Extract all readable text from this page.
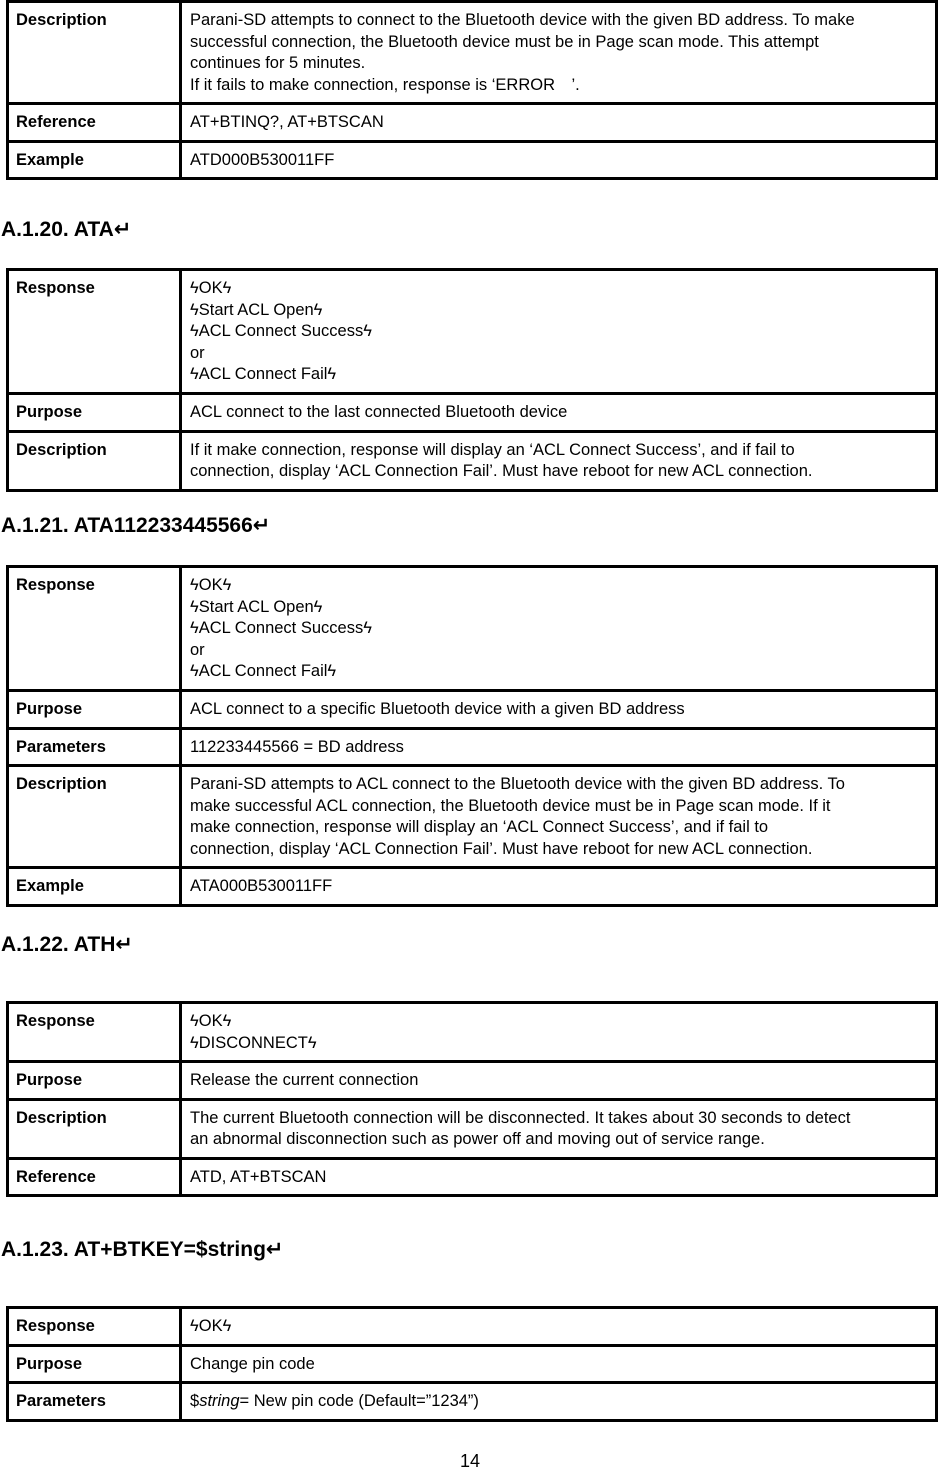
Description	Parani-SD attempts to connect to the Bluetooth device with the given BD address. To make
successful connection, the Bluetooth device must be in Page scan mode. This attempt
continues for 5 minutes.
If it fails to make connection, response is ‘ERROR　’.

Reference	AT+BTINQ?, AT+BTSCAN
Example	ATD000B530011FF
A.1.20. ATA ↵
Response	ϟOKϟ
ϟStart ACL Openϟ
ϟACL Connect Successϟ
or
ϟACL Connect Failϟ

Purpose	ACL connect to the last connected Bluetooth device
Description	If it make connection, response will display an ‘ACL Connect Success’, and if fail to
connection, display ‘ACL Connection Fail’. Must have reboot for new ACL connection.
A.1.21. ATA112233445566 ↵
Response	ϟOKϟ
ϟStart ACL Openϟ
ϟACL Connect Successϟ
or
ϟACL Connect Failϟ

Purpose	ACL connect to a specific Bluetooth device with a given BD address
Parameters	112233445566 = BD address
Description	Parani-SD attempts to ACL connect to the Bluetooth device with the given BD address. To
make successful ACL connection, the Bluetooth device must be in Page scan mode. If it
make connection, response will display an ‘ACL Connect Success’, and if fail to
connection, display ‘ACL Connection Fail’. Must have reboot for new ACL connection.

Example	ATA000B530011FF
A.1.22. ATH ↵
Response	ϟOKϟ
ϟDISCONNECTϟ

Purpose	Release the current connection
Description	The current Bluetooth connection will be disconnected. It takes about 30 seconds to detect
an abnormal disconnection such as power off and moving out of service range.

Reference	ATD, AT+BTSCAN
A.1.23. AT+BTKEY=$string ↵
Response	ϟOKϟ
Purpose	Change pin code
Parameters	$string= New pin code (Default=”1234”)
14
